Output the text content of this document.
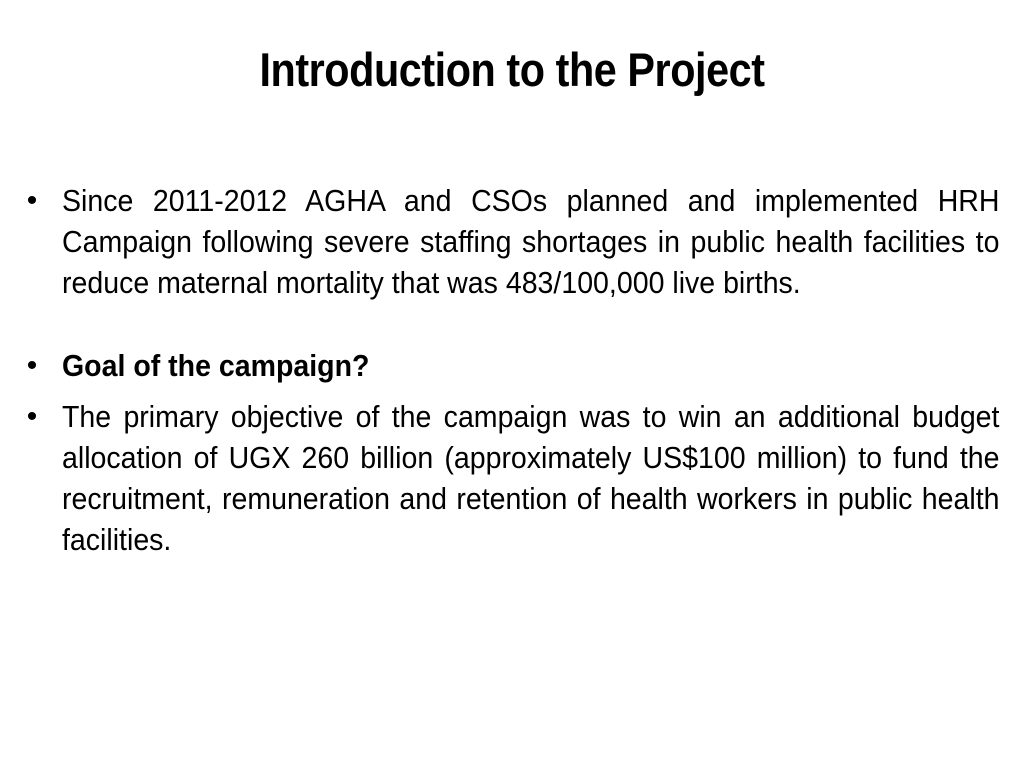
Introduction to the Project
• Since 2011-2012 AGHA and CSOs planned and implemented HRH Campaign following severe staffing shortages in public health facilities to reduce maternal mortality that was 483/100,000 live births.
• Goal of the campaign?
• The primary objective of the campaign was to win an additional budget allocation of UGX 260 billion (approximately US$100 million) to fund the recruitment, remuneration and retention of health workers in public health facilities.
